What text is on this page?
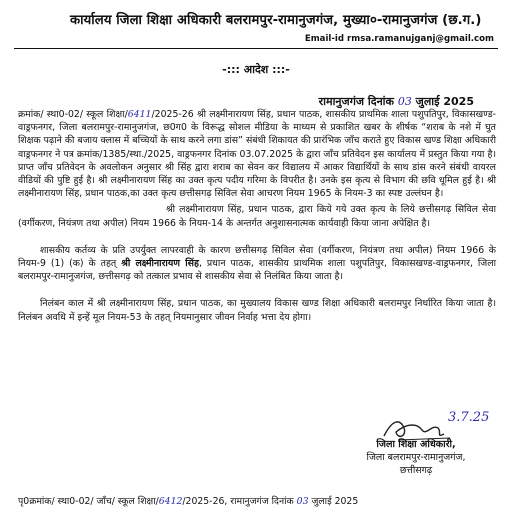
कार्यालय जिला शिक्षा अधिकारी बलरामपुर-रामानुजगंज, मुख्या०-रामानुजगंज (छ.ग.)
Email-id rmsa.ramanujganj@gmail.com
-::: आदेश :::-
रामानुजगंज दिनांक 03 जुलाई 2025

क्रमांक/ स्था0-02/ स्कूल शिक्षा/6411/2025-26 श्री लक्ष्मीनारायण सिंह, प्रधान पाठक, शासकीय प्राथमिक शाला पशुपतिपुर, विकासखण्ड-वाड्रफनगर, जिला बलरामपुर-रामानुजगंज, छ0ग0 के विरूद्ध सोशल मीडिया के माध्यम से प्रकाशित खबर के शीर्षक “शराब के नशे में घुत शिक्षक पढ़ाने की बजाय क्लास में बच्चियों के साथ करने लगा डांस” संबंधी शिकायत की प्रारंभिक जाँच कराते हुए विकास खण्ड शिक्षा अधिकारी वाड्रफनगर ने पत्र क्रमांक/1385/स्था./2025, वाड्रफनगर दिनांक 03.07.2025 के द्वारा जाँच प्रतिवेदन इस कार्यालय में प्रस्तुत किया गया है। प्राप्त जाँच प्रतिवेदन के अवलोकन अनुसार श्री सिंह द्वारा शराब का सेवन कर विद्यालय में आकर विद्यार्थियों के साथ डांस करने संबंधी वायरल वीडियों की पुष्टि हुई है। श्री लक्ष्मीनारायण सिंह का उक्त कृत्य पदीय गरिमा के विपरीत है। उनके इस कृत्य से विभाग की छवि धूमिल हुई है। श्री लक्ष्मीनारायण सिंह, प्रधान पाठक,का उक्त कृत्य छत्तीसगढ़ सिविल सेवा आचरण नियम 1965 के नियम-3 का स्पष्ट उल्लंघन है।

श्री लक्ष्मीनारायण सिंह, प्रधान पाठक, द्वारा किये गये उक्त कृत्य के लिये छत्तीसगढ़ सिविल सेवा (वर्गीकरण, नियंत्रण तथा अपील) नियम 1966 के नियम-14 के अन्तर्गत अनुशासनात्मक कार्यवाही किया जाना अपेक्षित है।

शासकीय कर्तव्य के प्रति उपर्युक्त लापरवाही के कारण छत्तीसगढ़ सिविल सेवा (वर्गीकरण, नियंत्रण तथा अपील) नियम 1966 के नियम-9 (1) (क) के तहत् श्री लक्ष्मीनारायण सिंह, प्रधान पाठक, शासकीय प्राथमिक शाला पशुपतिपुर, विकासखण्ड-वाड्रफनगर, जिला बलरामपुर-रामानुजगंज, छत्तीसगढ़ को तत्काल प्रभाव से शासकीय सेवा से निलंबित किया जाता है।

निलंबन काल में श्री लक्ष्मीनारायण सिंह, प्रधान पाठक, का मुख्यालय विकास खण्ड शिक्षा अधिकारी बलरामपुर निर्धारित किया जाता है। निलंबन अवधि में इन्हें मूल नियम-53 के तहत् नियमानुसार जीवन निर्वाह भत्ता देय होगा।

3.7.25
जिला शिक्षा अधिकारी,
जिला बलरामपुर-रामानुजगंज,
छत्तीसगढ़
पृ0क्रमांक/ स्था0-02/ जाँच/ स्कूल शिक्षा/6412/2025-26, रामानुजगंज दिनांक 03 जुलाई 2025
